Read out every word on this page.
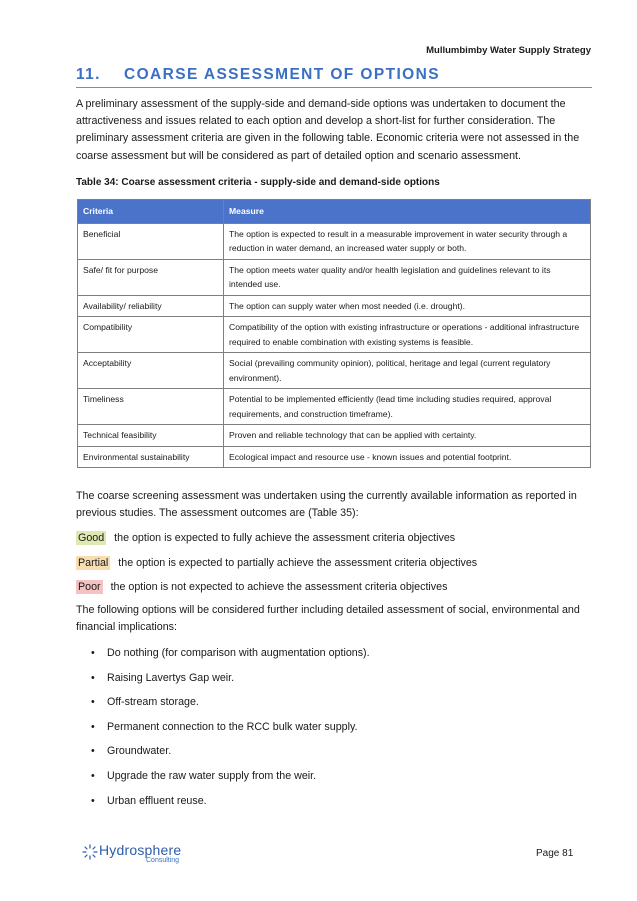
Mullumbimby Water Supply Strategy
11. COARSE ASSESSMENT OF OPTIONS

A preliminary assessment of the supply-side and demand-side options was undertaken to document the attractiveness and issues related to each option and develop a short-list for further consideration. The preliminary assessment criteria are given in the following table. Economic criteria were not assessed in the coarse assessment but will be considered as part of detailed option and scenario assessment.

Table 34: Coarse assessment criteria - supply-side and demand-side options
Criteria	Measure
Beneficial	The option is expected to result in a measurable improvement in water security through a reduction in water demand, an increased water supply or both.
Safe/ fit for purpose	The option meets water quality and/or health legislation and guidelines relevant to its intended use.
Availability/ reliability	The option can supply water when most needed (i.e. drought).
Compatibility	Compatibility of the option with existing infrastructure or operations - additional infrastructure required to enable combination with existing systems is feasible.
Acceptability	Social (prevailing community opinion), political, heritage and legal (current regulatory environment).
Timeliness	Potential to be implemented efficiently (lead time including studies required, approval requirements, and construction timeframe).
Technical feasibility	Proven and reliable technology that can be applied with certainty.
Environmental sustainability	Ecological impact and resource use - known issues and potential footprint.

The coarse screening assessment was undertaken using the currently available information as reported in previous studies. The assessment outcomes are (Table 35):

Good the option is expected to fully achieve the assessment criteria objectives
Partial the option is expected to partially achieve the assessment criteria objectives
Poor the option is not expected to achieve the assessment criteria objectives

The following options will be considered further including detailed assessment of social, environmental and financial implications:

• Do nothing (for comparison with augmentation options).
• Raising Lavertys Gap weir.
• Off-stream storage.
• Permanent connection to the RCC bulk water supply.
• Groundwater.
• Upgrade the raw water supply from the weir.
• Urban effluent reuse.
Hydrosphere
Consulting
Page 81
